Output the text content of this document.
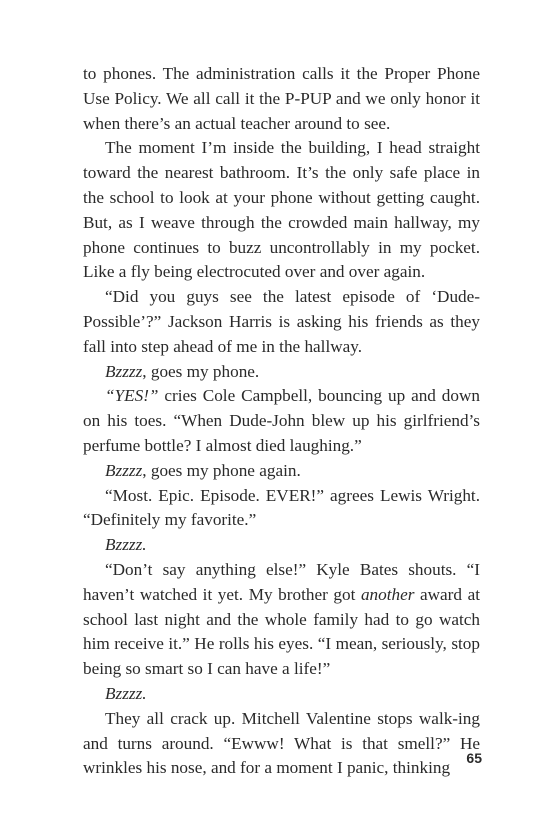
to phones. The administration calls it the Proper Phone Use Policy. We all call it the P-PUP and we only honor it when there’s an actual teacher around to see.

The moment I’m inside the building, I head straight toward the nearest bathroom. It’s the only safe place in the school to look at your phone without getting caught. But, as I weave through the crowded main hallway, my phone continues to buzz uncontrollably in my pocket. Like a fly being electrocuted over and over again.

“Did you guys see the latest episode of ‘Dude-Possible’?” Jackson Harris is asking his friends as they fall into step ahead of me in the hallway.

Bzzzz, goes my phone.

“YES!” cries Cole Campbell, bouncing up and down on his toes. “When Dude-John blew up his girlfriend’s perfume bottle? I almost died laughing.”

Bzzzz, goes my phone again.

“Most. Epic. Episode. EVER!” agrees Lewis Wright. “Definitely my favorite.”

Bzzzz.

“Don’t say anything else!” Kyle Bates shouts. “I haven’t watched it yet. My brother got another award at school last night and the whole family had to go watch him receive it.” He rolls his eyes. “I mean, seriously, stop being so smart so I can have a life!”

Bzzzz.

They all crack up. Mitchell Valentine stops walk-ing and turns around. “Ewww! What is that smell?” He wrinkles his nose, and for a moment I panic, thinking

65
